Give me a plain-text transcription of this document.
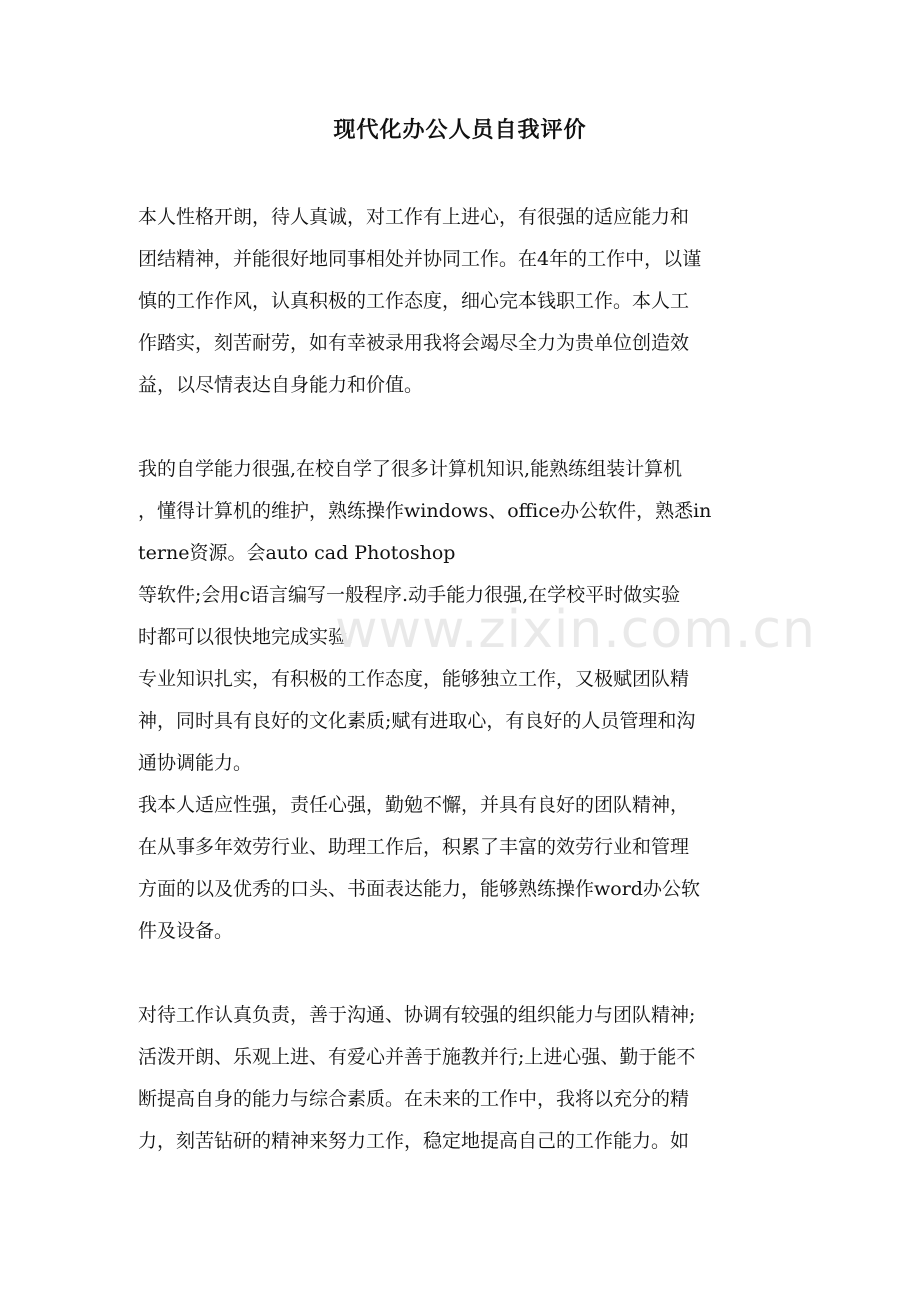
现代化办公人员自我评价
本人性格开朗，待人真诚，对工作有上进心，有很强的适应能力和
团结精神，并能很好地同事相处并协同工作。在4年的工作中，以谨
慎的工作作风，认真积极的工作态度，细心完本钱职工作。本人工
作踏实，刻苦耐劳，如有幸被录用我将会竭尽全力为贵单位创造效
益，以尽情表达自身能力和价值。
我的自学能力很强,在校自学了很多计算机知识,能熟练组装计算机
，懂得计算机的维护，熟练操作windows、office办公软件，熟悉in
terne资源。会auto cad Photoshop
等软件;会用c语言编写一般程序.动手能力很强,在学校平时做实验
时都可以很快地完成实验.
专业知识扎实，有积极的工作态度，能够独立工作，又极赋团队精
神，同时具有良好的文化素质;赋有进取心，有良好的人员管理和沟
通协调能力。
我本人适应性强，责任心强，勤勉不懈，并具有良好的团队精神，
在从事多年效劳行业、助理工作后，积累了丰富的效劳行业和管理
方面的以及优秀的口头、书面表达能力，能够熟练操作word办公软
件及设备。
对待工作认真负责，善于沟通、协调有较强的组织能力与团队精神;
活泼开朗、乐观上进、有爱心并善于施教并行;上进心强、勤于能不
断提高自身的能力与综合素质。在未来的工作中，我将以充分的精
力，刻苦钻研的精神来努力工作，稳定地提高自己的工作能力。如
www.zixin.com.cn
